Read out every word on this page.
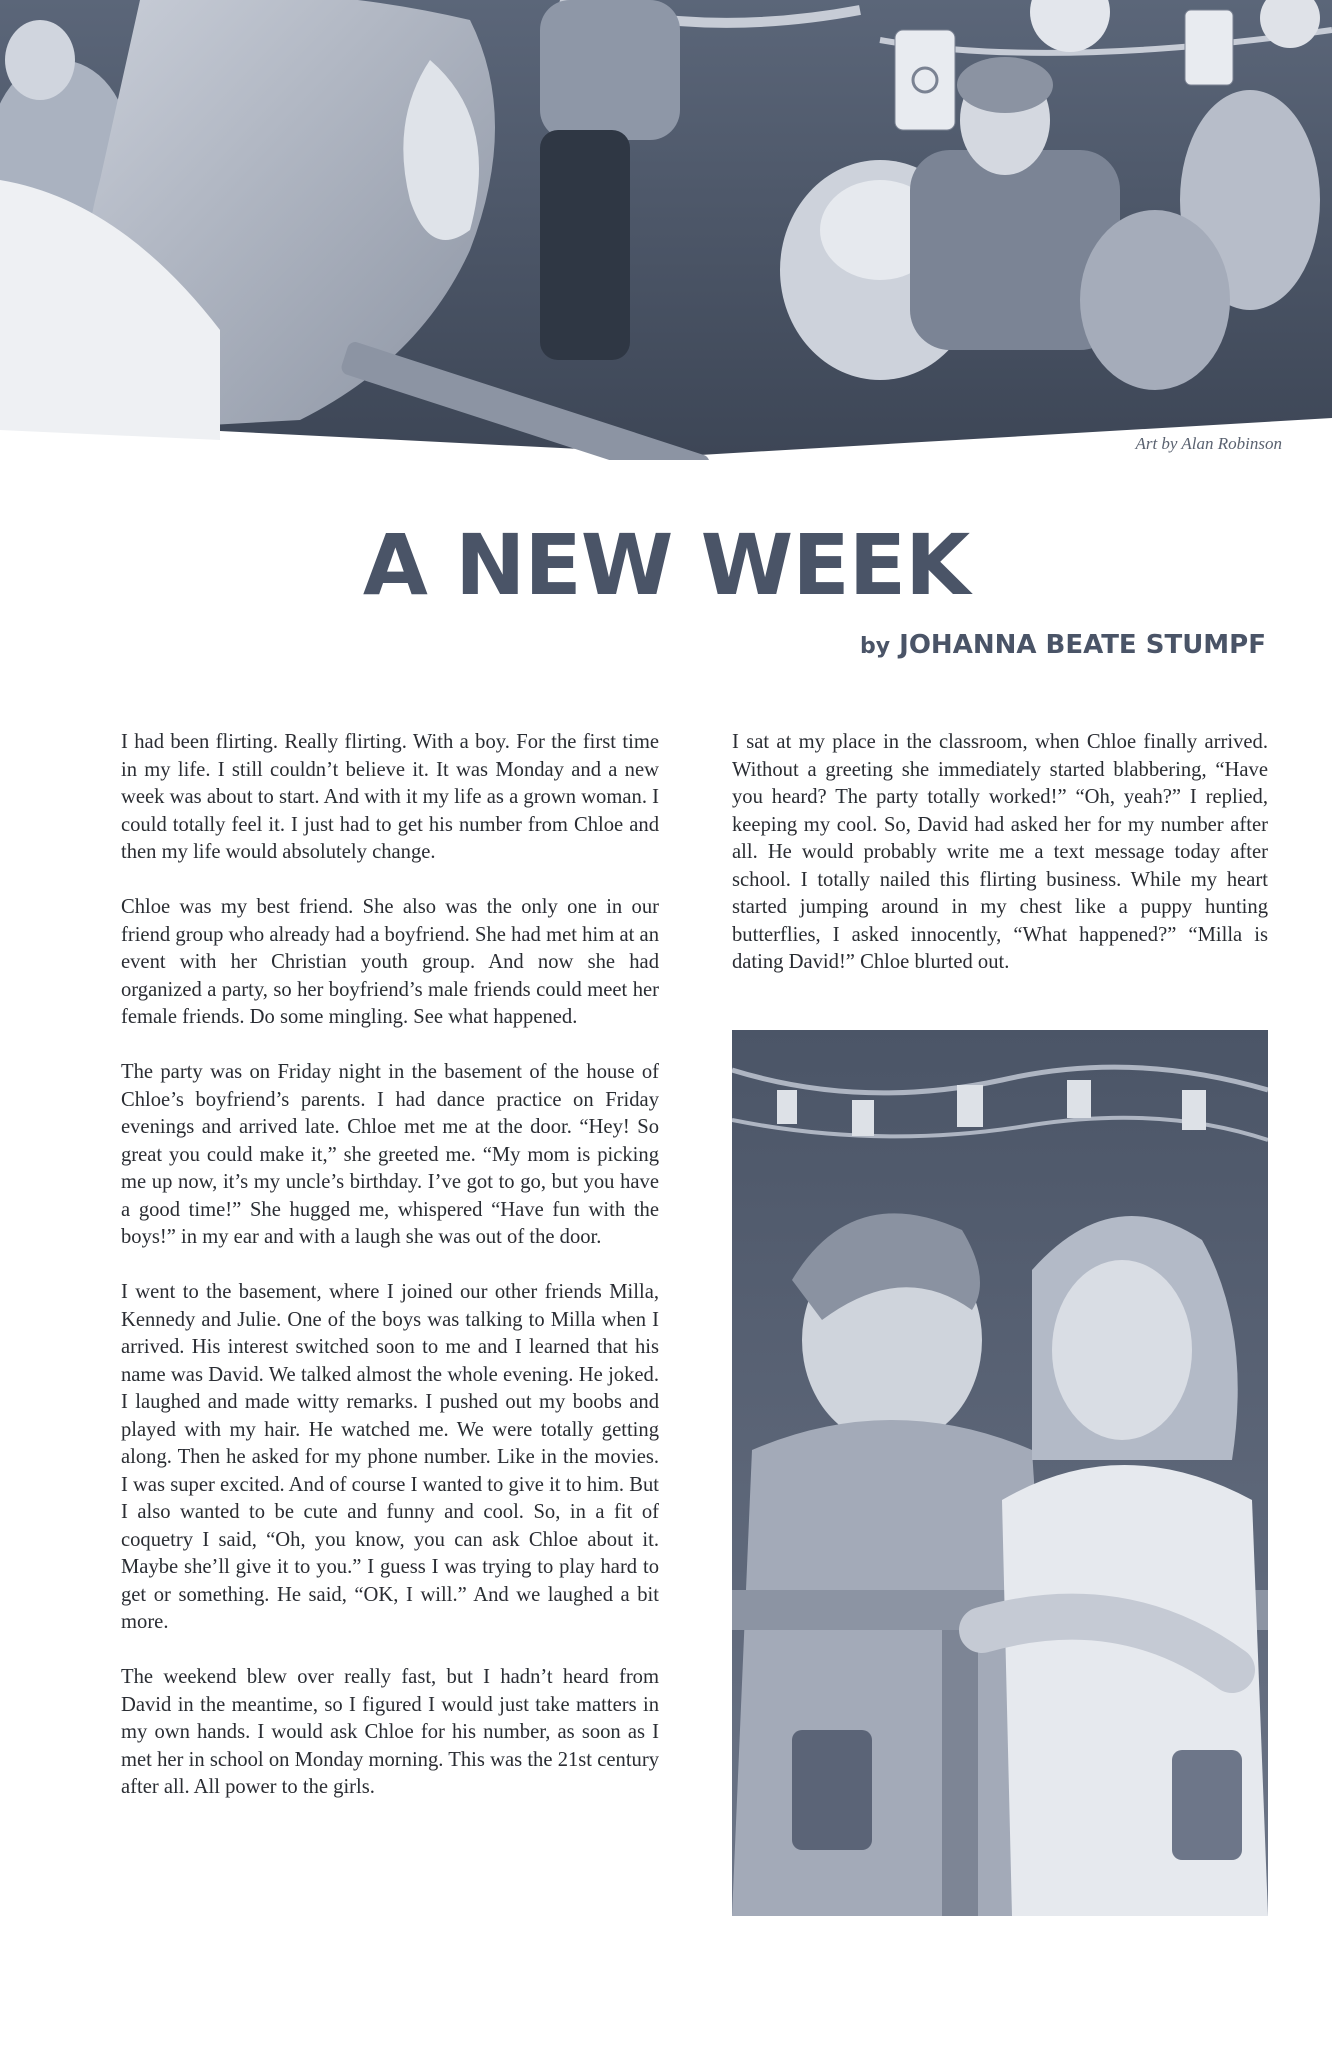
Art by Alan Robinson
A NEW WEEK
by JOHANNA BEATE STUMPF

I had been flirting. Really flirting. With a boy. For the first time in my life. I still couldn’t believe it. It was Monday and a new week was about to start. And with it my life as a grown woman. I could totally feel it. I just had to get his number from Chloe and then my life would absolutely change.

Chloe was my best friend. She also was the only one in our friend group who already had a boyfriend. She had met him at an event with her Christian youth group. And now she had organized a party, so her boyfriend’s male friends could meet her female friends. Do some mingling. See what happened.

The party was on Friday night in the basement of the house of Chloe’s boyfriend’s parents. I had dance practice on Friday evenings and arrived late. Chloe met me at the door. “Hey! So great you could make it,” she greeted me. “My mom is picking me up now, it’s my uncle’s birthday. I’ve got to go, but you have a good time!” She hugged me, whispered “Have fun with the boys!” in my ear and with a laugh she was out of the door.

I went to the basement, where I joined our other friends Milla, Kennedy and Julie. One of the boys was talking to Milla when I arrived. His interest switched soon to me and I learned that his name was David. We talked almost the whole evening. He joked. I laughed and made witty remarks. I pushed out my boobs and played with my hair. He watched me. We were totally getting along. Then he asked for my phone number. Like in the movies. I was super excited. And of course I wanted to give it to him. But I also wanted to be cute and funny and cool. So, in a fit of coquetry I said, “Oh, you know, you can ask Chloe about it. Maybe she’ll give it to you.” I guess I was trying to play hard to get or something. He said, “OK, I will.” And we laughed a bit more.

The weekend blew over really fast, but I hadn’t heard from David in the meantime, so I figured I would just take matters in my own hands. I would ask Chloe for his number, as soon as I met her in school on Monday morning. This was the 21st century after all. All power to the girls.

I sat at my place in the classroom, when Chloe finally arrived. Without a greeting she immediately started blabbering, “Have you heard? The party totally worked!” “Oh, yeah?” I replied, keeping my cool. So, David had asked her for my number after all. He would probably write me a text message today after school. I totally nailed this flirting business. While my heart started jumping around in my chest like a puppy hunting butterflies, I asked innocently, “What happened?” “Milla is dating David!” Chloe blurted out.
